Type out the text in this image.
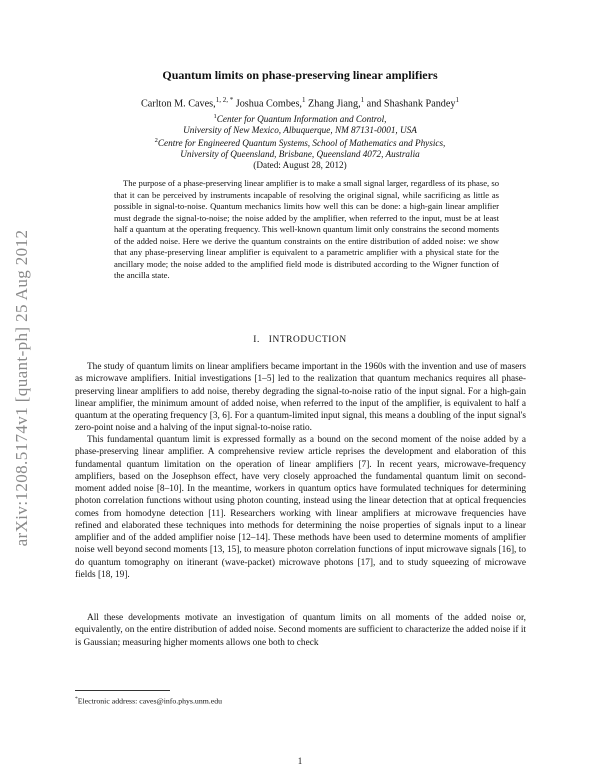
arXiv:1208.5174v1 [quant-ph] 25 Aug 2012
Quantum limits on phase-preserving linear amplifiers
Carlton M. Caves,$^{1, 2, *}$ Joshua Combes,$^1$ Zhang Jiang,$^1$ and Shashank Pandey$^1$
$^1$Center for Quantum Information and Control,
University of New Mexico, Albuquerque, NM 87131-0001, USA
$^2$Centre for Engineered Quantum Systems, School of Mathematics and Physics,
University of Queensland, Brisbane, Queensland 4072, Australia
(Dated: August 28, 2012)

The purpose of a phase-preserving linear amplifier is to make a small signal larger, regardless of its phase, so that it can be perceived by instruments incapable of resolving the original signal, while sacrificing as little as possible in signal-to-noise. Quantum mechanics limits how well this can be done: a high-gain linear amplifier must degrade the signal-to-noise; the noise added by the amplifier, when referred to the input, must be at least half a quantum at the operating frequency. This well-known quantum limit only constrains the second moments of the added noise. Here we derive the quantum constraints on the entire distribution of added noise: we show that any phase-preserving linear amplifier is equivalent to a parametric amplifier with a physical state for the ancillary mode; the noise added to the amplified field mode is distributed according to the Wigner function of the ancilla state.

I. INTRODUCTION

The study of quantum limits on linear amplifiers became important in the 1960s with the invention and use of masers as microwave amplifiers. Initial investigations [1–5] led to the realization that quantum mechanics requires all phase-preserving linear amplifiers to add noise, thereby degrading the signal-to-noise ratio of the input signal. For a high-gain linear amplifier, the minimum amount of added noise, when referred to the input of the amplifier, is equivalent to half a quantum at the operating frequency [3, 6]. For a quantum-limited input signal, this means a doubling of the input signal's zero-point noise and a halving of the input signal-to-noise ratio.

This fundamental quantum limit is expressed formally as a bound on the second moment of the noise added by a phase-preserving linear amplifier. A comprehensive review article reprises the development and elaboration of this fundamental quantum limitation on the operation of linear amplifiers [7]. In recent years, microwave-frequency amplifiers, based on the Josephson effect, have very closely approached the fundamental quantum limit on second-moment added noise [8–10]. In the meantime, workers in quantum optics have formulated techniques for determining photon correlation functions without using photon counting, instead using the linear detection that at optical frequencies comes from homodyne detection [11]. Researchers working with linear amplifiers at microwave frequencies have refined and elaborated these techniques into methods for determining the noise properties of signals input to a linear amplifier and of the added amplifier noise [12–14]. These methods have been used to determine moments of amplifier noise well beyond second moments [13, 15], to measure photon correlation functions of input microwave signals [16], to do quantum tomography on itinerant (wave-packet) microwave photons [17], and to study squeezing of microwave fields [18, 19].

All these developments motivate an investigation of quantum limits on all moments of the added noise or, equivalently, on the entire distribution of added noise. Second moments are sufficient to characterize the added noise if it is Gaussian; measuring higher moments allows one both to check

*Electronic address: caves@info.phys.unm.edu

1
